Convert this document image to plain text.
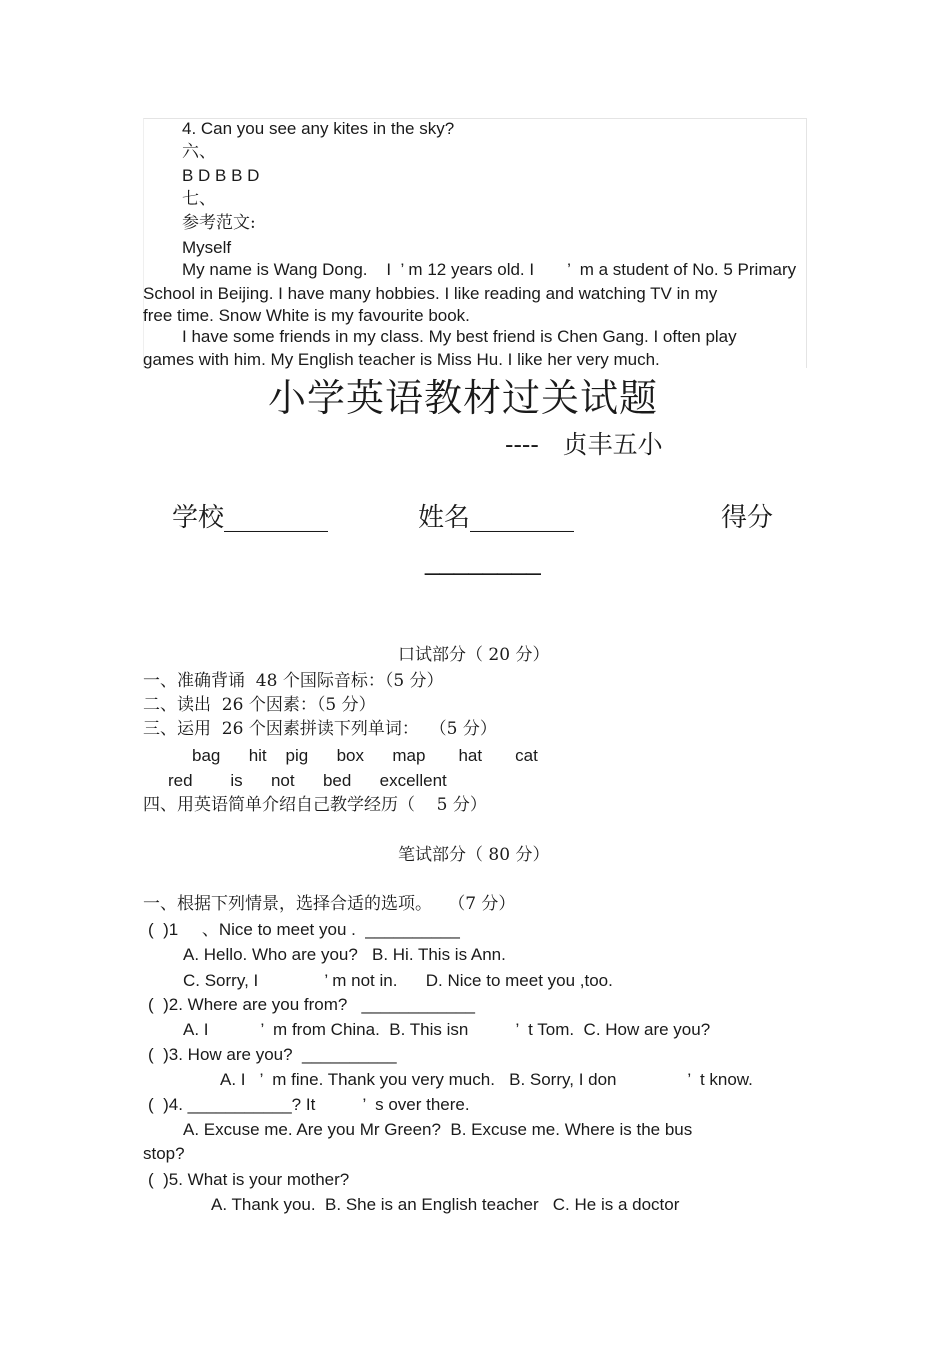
4. Can you see any kites in the sky?
六、
B D B B D
七、
参考范文:
Myself
My name is Wang Dong.    I  ’ m 12 years old. I       ’  m a student of No. 5 Primary
School in Beijing. I have many hobbies. I like reading and watching TV in my
free time. Snow White is my favourite book.
I have some friends in my class. My best friend is Chen Gang. I often play
games with him. My English teacher is Miss Hu. I like her very much.
小学英语教材过关试题
----   贞丰五小
学校________	姓名________	得分
________
口试部分（ 20 分）
一、准确背诵  48 个国际音标：（5 分）
二、读出  26 个因素：（5 分）
三、运用  26 个因素拼读下列单词：  （5 分）
bag      hit    pig      box      map       hat       cat
red        is      not      bed      excellent
四、用英语简单介绍自己教学经历（    5 分）
笔试部分（ 80 分）
一、根据下列情景，选择合适的选项。   （7 分）
(  )1     、Nice to meet you .  __________
A. Hello. Who are you?   B. Hi. This is Ann.
C. Sorry, I              ’ m not in.      D. Nice to meet you ,too.
(  )2. Where are you from?   ____________
A. I           ’  m from China.  B. This isn          ’  t Tom.  C. How are you?
(  )3. How are you?  __________
A. I   ’  m fine. Thank you very much.   B. Sorry, I don               ’  t know.
(  )4. ___________? It          ’  s over there.
A. Excuse me. Are you Mr Green?  B. Excuse me. Where is the bus
stop?
(  )5. What is your mother?
A. Thank you.  B. She is an English teacher   C. He is a doctor
